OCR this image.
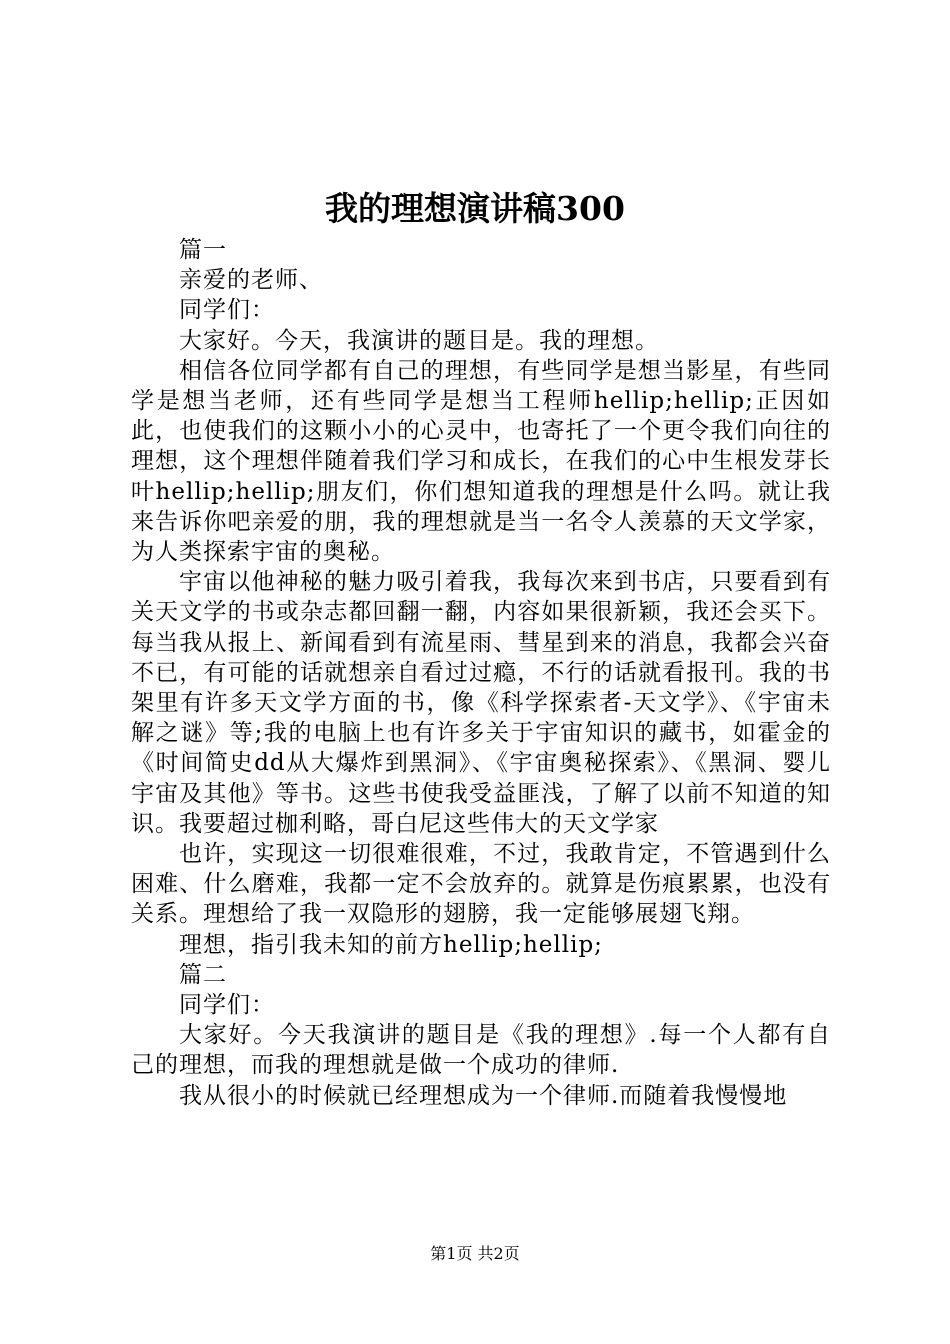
我的理想演讲稿300

篇一

亲爱的老师、

同学们：

大家好。今天，我演讲的题目是。我的理想。

相信各位同学都有自己的理想，有些同学是想当影星，有些同学是想当老师，还有些同学是想当工程师hellip;hellip;正因如此，也使我们的这颗小小的心灵中，也寄托了一个更令我们向往的理想，这个理想伴随着我们学习和成长，在我们的心中生根发芽长叶hellip;hellip;朋友们，你们想知道我的理想是什么吗。就让我来告诉你吧亲爱的朋，我的理想就是当一名令人羡慕的天文学家，为人类探索宇宙的奥秘。

宇宙以他神秘的魅力吸引着我，我每次来到书店，只要看到有关天文学的书或杂志都回翻一翻，内容如果很新颖，我还会买下。每当我从报上、新闻看到有流星雨、彗星到来的消息，我都会兴奋不已，有可能的话就想亲自看过过瘾，不行的话就看报刊。我的书架里有许多天文学方面的书，像《科学探索者-天文学》、《宇宙未解之谜》等;我的电脑上也有许多关于宇宙知识的藏书，如霍金的《时间简史dd从大爆炸到黑洞》、《宇宙奥秘探索》、《黑洞、婴儿宇宙及其他》等书。这些书使我受益匪浅，了解了以前不知道的知识。我要超过枷利略，哥白尼这些伟大的天文学家

也许，实现这一切很难很难，不过，我敢肯定，不管遇到什么困难、什么磨难，我都一定不会放弃的。就算是伤痕累累，也没有关系。理想给了我一双隐形的翅膀，我一定能够展翅飞翔。

理想，指引我未知的前方hellip;hellip;

篇二

同学们：

大家好。今天我演讲的题目是《我的理想》.每一个人都有自己的理想，而我的理想就是做一个成功的律师.

我从很小的时候就已经理想成为一个律师.而随着我慢慢地

第1页 共2页
